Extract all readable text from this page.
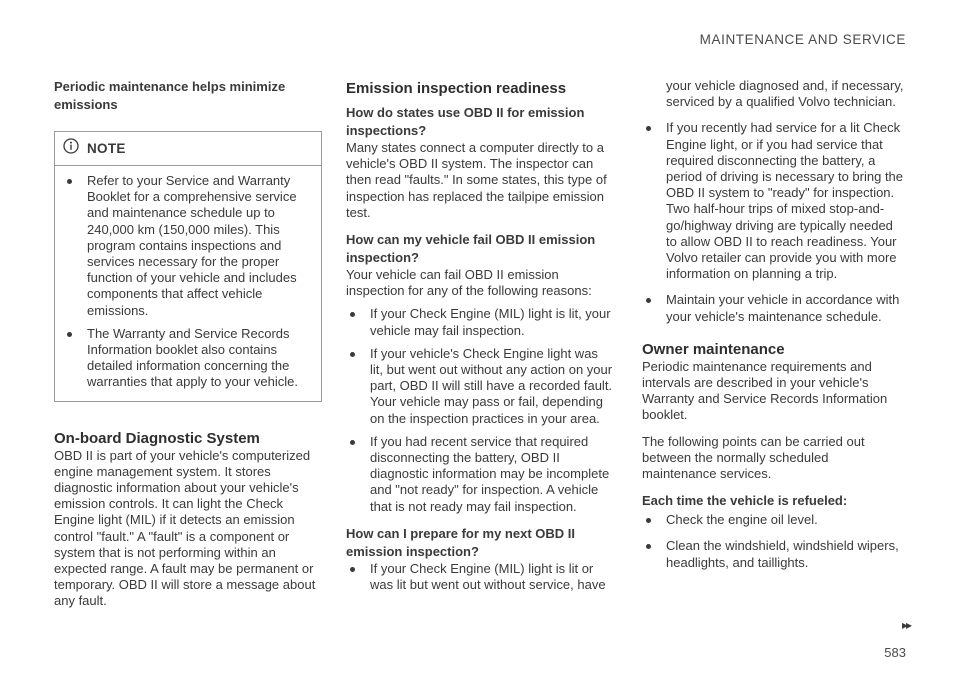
MAINTENANCE AND SERVICE
Periodic maintenance helps minimize emissions
NOTE
Refer to your Service and Warranty Booklet for a comprehensive service and maintenance schedule up to 240,000 km (150,000 miles). This program contains inspections and services necessary for the proper function of your vehicle and includes components that affect vehicle emissions.
The Warranty and Service Records Information booklet also contains detailed information concerning the warranties that apply to your vehicle.
On-board Diagnostic System

OBD II is part of your vehicle's computerized engine management system. It stores diagnostic information about your vehicle's emission controls. It can light the Check Engine light (MIL) if it detects an emission control "fault." A "fault" is a component or system that is not performing within an expected range. A fault may be permanent or temporary. OBD II will store a message about any fault.

Emission inspection readiness
How do states use OBD II for emission inspections?

Many states connect a computer directly to a vehicle's OBD II system. The inspector can then read "faults." In some states, this type of inspection has replaced the tailpipe emission test.

How can my vehicle fail OBD II emission inspection?

Your vehicle can fail OBD II emission inspection for any of the following reasons:

If your Check Engine (MIL) light is lit, your vehicle may fail inspection.
If your vehicle's Check Engine light was lit, but went out without any action on your part, OBD II will still have a recorded fault. Your vehicle may pass or fail, depending on the inspection practices in your area.
If you had recent service that required disconnecting the battery, OBD II diagnostic information may be incomplete and "not ready" for inspection. A vehicle that is not ready may fail inspection.
How can I prepare for my next OBD II emission inspection?
If your Check Engine (MIL) light is lit or was lit but went out without service, have

your vehicle diagnosed and, if necessary, serviced by a qualified Volvo technician.

If you recently had service for a lit Check Engine light, or if you had service that required disconnecting the battery, a period of driving is necessary to bring the OBD II system to "ready" for inspection. Two half-hour trips of mixed stop-and-go/highway driving are typically needed to allow OBD II to reach readiness. Your Volvo retailer can provide you with more information on planning a trip.
Maintain your vehicle in accordance with your vehicle's maintenance schedule.
Owner maintenance

Periodic maintenance requirements and intervals are described in your vehicle's Warranty and Service Records Information booklet.

The following points can be carried out between the normally scheduled maintenance services.

Each time the vehicle is refueled:
Check the engine oil level.
Clean the windshield, windshield wipers, headlights, and taillights.
▸▸
583
